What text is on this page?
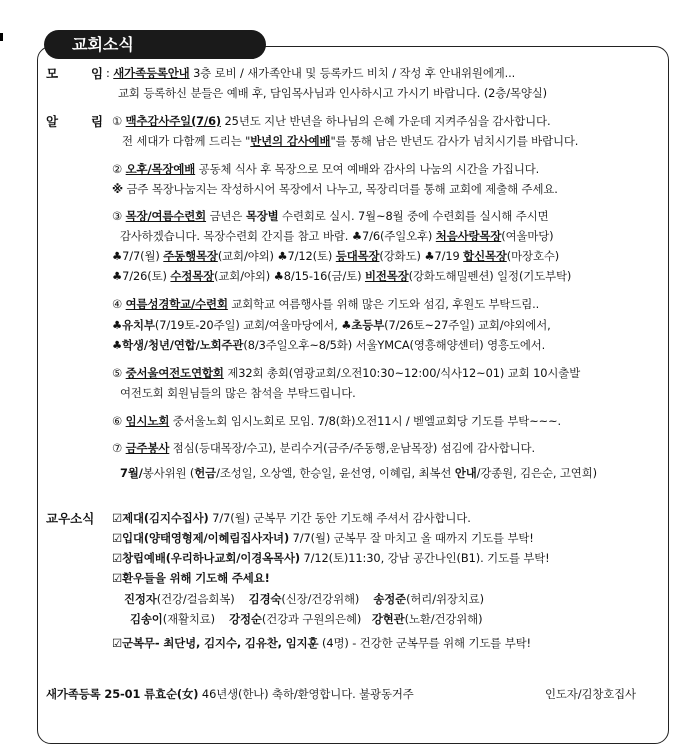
교회소식
모	임 : 새가족등록안내 3층 로비 / 새가족안내 및 등록카드 비치 / 작성 후 안내위원에게...
교회 등록하신 분들은 예배 후, 담임목사님과 인사하시고 가시기 바랍니다. (2층/목양실)
알	림 ① 맥추감사주일(7/6) 25년도 지난 반년을 하나님의 은혜 가운데 지켜주심을 감사합니다.
전 세대가 다함께 드리는 "반년의 감사예배"를 통해 남은 반년도 감사가 넘치시기를 바랍니다.
② 오후/목장예배 공동체 식사 후 목장으로 모여 예배와 감사의 나눔의 시간을 가집니다.
※ 금주 목장나눔지는 작성하시어 목장에서 나누고, 목장리더를 통해 교회에 제출해 주세요.
③ 목장/여름수련회 금년은 목장별 수련회로 실시. 7월~8월 중에 수련회를 실시해 주시면
감사하겠습니다. 목장수련회 간지를 참고 바람. ♣7/6(주일오후) 처음사랑목장(여울마당)
♣7/7(월) 주동행목장(교회/야외) ♣7/12(토) 등대목장(강화도) ♣7/19 합신목장(마장호수)
♣7/26(토) 수정목장(교회/야외) ♣8/15-16(금/토) 비전목장(강화도해밀펜션) 일정(기도부탁)
④ 여름성경학교/수련회 교회학교 여름행사를 위해 많은 기도와 섬김, 후원도 부탁드림..
♣유치부(7/19토-20주일) 교회/여울마당에서, ♣초등부(7/26토~27주일) 교회/야외에서,
♣학생/청년/연합/노회주관(8/3주일오후~8/5화) 서울YMCA(영흥해양센터) 영흥도에서.
⑤ 중서울여전도연합회 제32회 총회(염광교회/오전10:30~12:00/식사12~01) 교회 10시출발
여전도회 회원님들의 많은 참석을 부탁드립니다.
⑥ 임시노회 중서울노회 임시노회로 모임. 7/8(화)오전11시 / 벧엘교회당 기도를 부탁~~~.
⑦ 금주봉사 점심(등대목장/수고), 분리수거(금주/주동행,운남목장) 섬김에 감사합니다.
7월/봉사위원 (헌금/조성일, 오상엘, 한승일, 윤선영, 이혜림, 최복선 안내/강종원, 김은순, 고연희)
교우소식 ☑제대(김지수집사) 7/7(월) 군복무 기간 동안 기도해 주셔서 감사합니다.
☑입대(양태영형제/이혜림집사자녀) 7/7(월) 군복무 잘 마치고 올 때까지 기도를 부탁!
☑창립예배(우리하나교회/이경옥목사) 7/12(토)11:30, 강남 공간나인(B1). 기도를 부탁!
☑환우들을 위해 기도해 주세요!
진정자(건강/걸음회복) 김경숙(신장/건강위해) 송정준(허리/위장치료)
김송이(재활치료) 강정순(건강과 구원의은혜) 강현관(노환/건강위해)
☑군복무- 최단녕, 김지수, 김유찬, 임지훈 (4명) - 건강한 군복무를 위해 기도를 부탁!
새가족등록 25-01 류효순(女) 46년생(한나) 축하/환영합니다. 불광동거주	인도자/김창호집사
